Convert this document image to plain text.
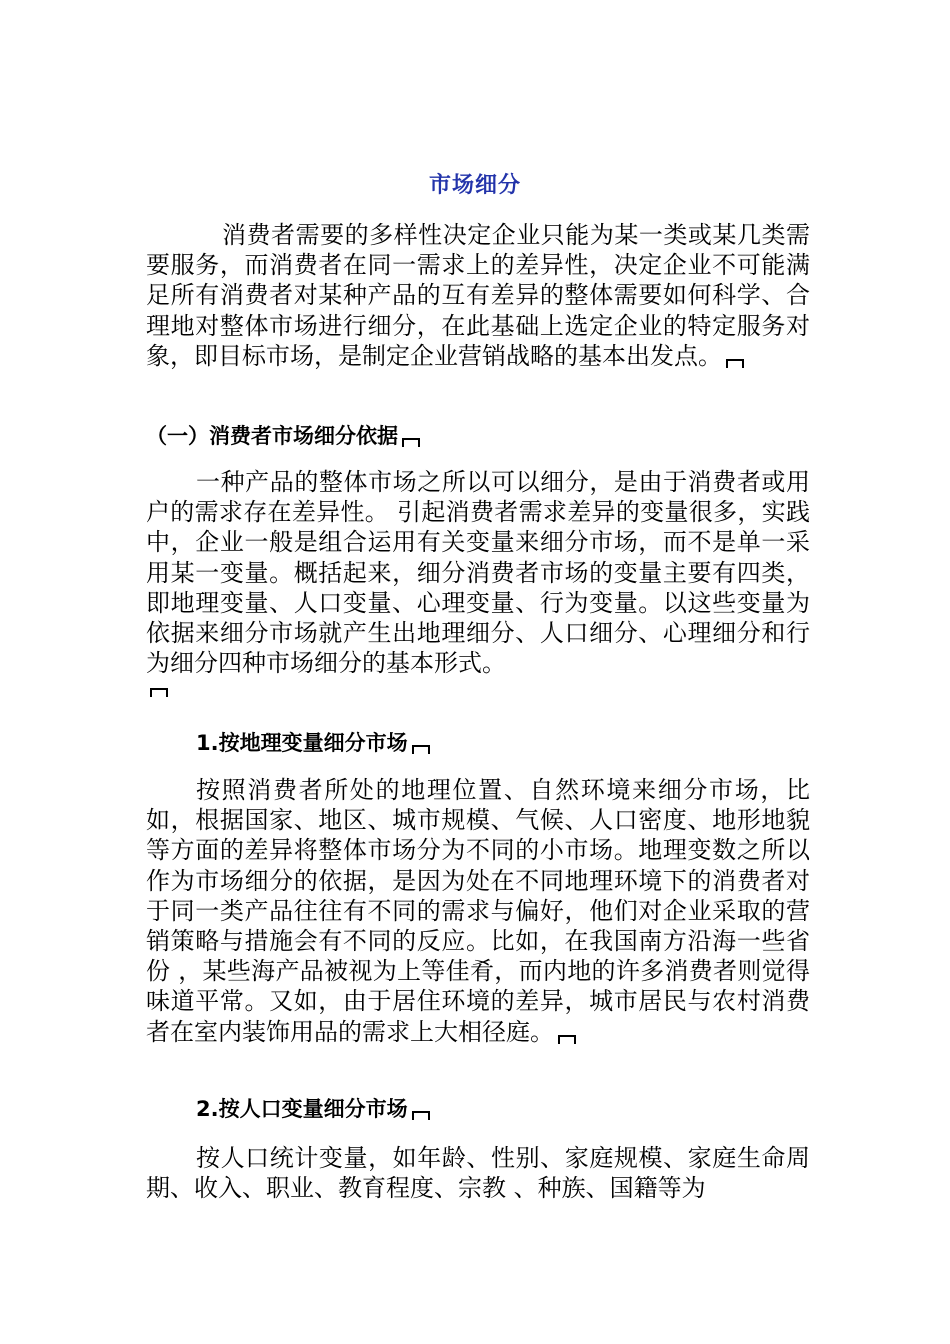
市场细分

消费者需要的多样性决定企业只能为某一类或某几类需要服务，而消费者在同一需求上的差异性，决定企业不可能满足所有消费者对某种产品的互有差异的整体需要如何科学、合理地对整体市场进行细分，在此基础上选定企业的特定服务对象，即目标市场，是制定企业营销战略的基本出发点。

（一）消费者市场细分依据

一种产品的整体市场之所以可以细分，是由于消费者或用户的需求存在差异性。 引起消费者需求差异的变量很多，实践中，企业一般是组合运用有关变量来细分市场，而不是单一采用某一变量。概括起来，细分消费者市场的变量主要有四类，即地理变量、人口变量、心理变量、行为变量。以这些变量为依据来细分市场就产生出地理细分、人口细分、心理细分和行为细分四种市场细分的基本形式。

1.按地理变量细分市场

按照消费者所处的地理位置、自然环境来细分市场，比如，根据国家、地区、城市规模、气候、人口密度、地形地貌等方面的差异将整体市场分为不同的小市场。地理变数之所以作为市场细分的依据，是因为处在不同地理环境下的消费者对于同一类产品往往有不同的需求与偏好，他们对企业采取的营销策略与措施会有不同的反应。比如，在我国南方沿海一些省份 ，某些海产品被视为上等佳肴，而内地的许多消费者则觉得味道平常。又如，由于居住环境的差异，城市居民与农村消费者在室内装饰用品的需求上大相径庭。

2.按人口变量细分市场

按人口统计变量，如年龄、性别、家庭规模、家庭生命周期、收入、职业、教育程度、宗教 、种族、国籍等为
